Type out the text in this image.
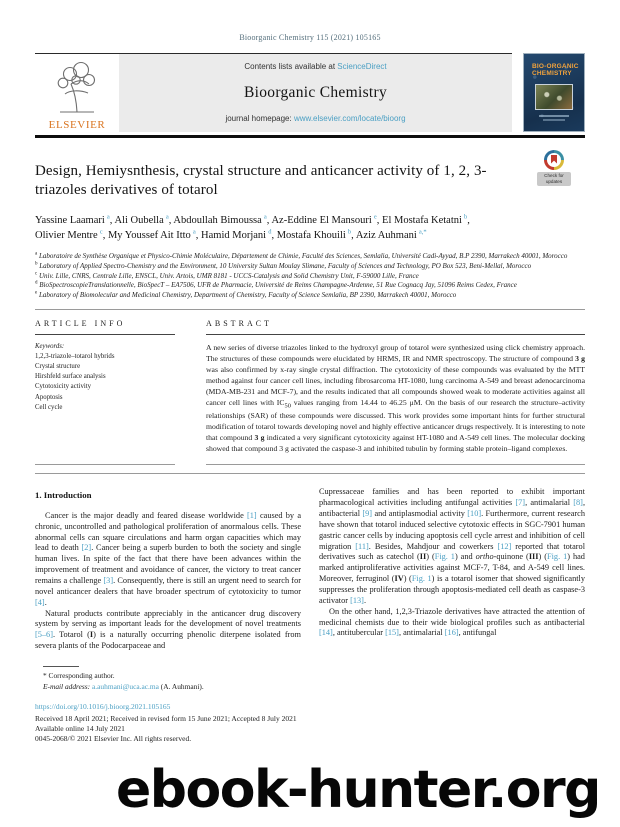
Bioorganic Chemistry 115 (2021) 105165
ELSEVIER
Contents lists available at ScienceDirect
Bioorganic Chemistry
journal homepage: www.elsevier.com/locate/bioorg
BIO-ORGANIC
CHEMISTRY
Design, Hemiysnthesis, crystal structure and anticancer activity of 1, 2, 3-triazoles derivatives of totarol
Check for
updates
Yassine Laamari $^a$, Ali Oubella $^a$, Abdoullah Bimoussa $^a$, Az-Eddine El Mansouri $^e$, El Mostafa Ketatni $^b$, Olivier Mentre $^c$, My Youssef Ait Itto $^a$, Hamid Morjani $^d$, Mostafa Khouili $^b$, Aziz Auhmani $^{a,*}$
$^a$ Laboratoire de Synthèse Organique et Physico-Chimie Moléculaire, Département de Chimie, Faculté des Sciences, Semlalia, Université Cadi-Ayyad, B.P 2390, Marrakech 40001, Morocco
$^b$ Laboratory of Applied Spectro-Chemistry and the Environment, 10 University Sultan Moulay Slimane, Faculty of Sciences and Technology, PO Box 523, Beni-Mellal, Morocco
$^c$ Univ. Lille, CNRS, Centrale Lille, ENSCL, Univ. Artois, UMR 8181 - UCCS-Catalysis and Solid Chemistry Unit, F-59000 Lille, France
$^d$ BioSpectroscopieTranslationnelle, BioSpecT – EA7506, UFR de Pharmacie, Université de Reims Champagne-Ardenne, 51 Rue Cognacq Jay, 51096 Reims Cedex, France
$^e$ Laboratory of Biomolecular and Medicinal Chemistry, Department of Chemistry, Faculty of Science Semlalia, BP 2390, Marrakech 40001, Morocco
ARTICLE INFO
Keywords:
1,2,3-triazole–totarol hybrids
Crystal structure
Hirshfeld surface analysis
Cytotoxicity activity
Apoptosis
Cell cycle
ABSTRACT
A new series of diverse triazoles linked to the hydroxyl group of totarol were synthesized using click chemistry approach. The structures of these compounds were elucidated by HRMS, IR and NMR spectroscopy. The structure of compound 3 g was also confirmed by x-ray single crystal diffraction. The cytotoxicity of these compounds was evaluated by the MTT method against four cancer cell lines, including fibrosarcoma HT-1080, lung carcinoma A-549 and breast adenocarcinoma (MDA-MB-231 and MCF-7), and the results indicated that all compounds showed weak to moderate activities against all cancer cell lines with $IC_{50}$ values ranging from 14.44 to 46.25 μM. On the basis of our research the structure–activity relationships (SAR) of these compounds were discussed. This work provides some important hints for further structural modification of totarol towards developing novel and highly effective anticancer drugs respectively. It is interesting to note that compound 3 g indicated a very significant cytotoxicity against HT-1080 and A-549 cell lines. The molecular docking showed that compound 3 g activated the caspase-3 and inhibited tubulin by forming stable protein–ligand complexes.
1. Introduction
Cancer is the major deadly and feared disease worldwide [1] caused by a chronic, uncontrolled and pathological proliferation of anormalous cells. These abnormal cells can square circulations and harm organ capacities which may lead to death [2]. Cancer being a superb burden to both the society and single human lives. In spite of the fact that there have been advances within the improvement of treatment and avoidance of cancer, the victory to treat cancer remains a challenge [3]. Consequently, there is still an urgent need to search for novel anticancer dealers that have broader spectrum of cytotoxicity to tumor [4].
Natural products contribute appreciably in the anticancer drug discovery system by serving as important leads for the development of novel treatments [5–6]. Totarol (I) is a naturally occurring phenolic diterpene isolated from severa plants of the Podocarpaceae and
Cupressaceae families and has been reported to exhibit important pharmacological activities including antifungal activities [7], antimalarial [8], antibacterial [9] and antiplasmodial activity [10]. Furthermore, current research have shown that totarol induced selective cytotoxic effects in SGC-7901 human gastric cancer cells by inducing apoptosis cell cycle arrest and inhibition of cell migration [11]. Besides, Mahdjour and cowerkers [12] reported that totarol derivatives such as catechol (II) (Fig. 1) and ortho-quinone (III) (Fig. 1) had marked antiproliferative activities against MCF-7, T-84, and A-549 cell lines. Moreover, ferruginol (IV) (Fig. 1) is a totarol isomer that showed significantly suppresses the proliferation through apoptosis-mediated cell death as caspase-3 activator [13].
On the other hand, 1,2,3-Triazole derivatives have attracted the attention of medicinal chemists due to their wide biological profiles such as antibacterial [14], antitubercular [15], antimalarial [16], antifungal
* Corresponding author.
E-mail address: a.auhmani@uca.ac.ma (A. Auhmani).
https://doi.org/10.1016/j.bioorg.2021.105165
Received 18 April 2021; Received in revised form 15 June 2021; Accepted 8 July 2021
Available online 14 July 2021
0045-2068/© 2021 Elsevier Inc. All rights reserved.
ebook-hunter.org
